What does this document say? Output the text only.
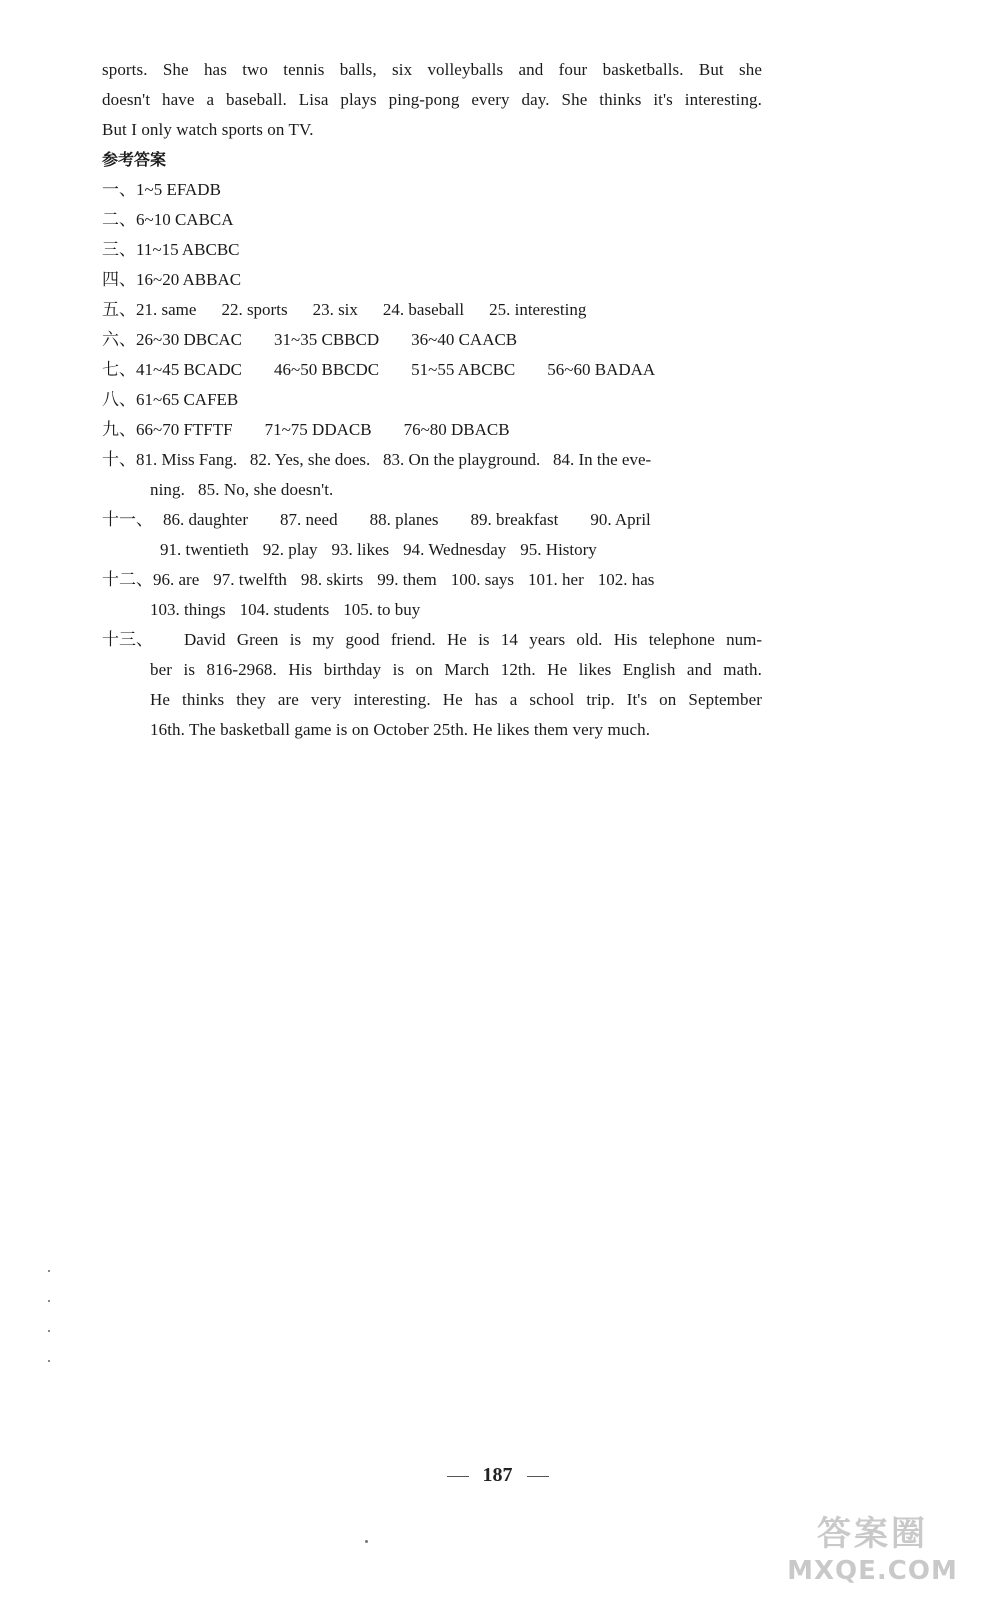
sports. She has two tennis balls, six volleyballs and four basketballs. But she
doesn't have a baseball. Lisa plays ping-pong every day. She thinks it's interesting.
But I only watch sports on TV.
参考答案
一、 1~5 EFADB
二、 6~10 CABCA
三、 11~15 ABCBC
四、 16~20 ABBAC
五、 21. same 22. sports 23. six 24. baseball 25. interesting
六、 26~30 DBCAC 31~35 CBBCD 36~40 CAACB
七、 41~45 BCADC 46~50 BBCDC 51~55 ABCBC 56~60 BADAA
八、 61~65 CAFEB
九、 66~70 FTFTF 71~75 DDACB 76~80 DBACB
十、 81. Miss Fang.   82. Yes, she does.   83. On the playground.   84. In the eve-
ning.   85. No, she doesn't.
十一、 86. daughter 87. need 88. planes 89. breakfast 90. April
91. twentieth 92. play 93. likes 94. Wednesday 95. History
十二、 96. are 97. twelfth 98. skirts 99. them 100. says 101. her 102. has
103. things 104. students 105. to buy
十三、	David Green is my good friend. He is 14 years old. His telephone num-
ber is 816-2968. His birthday is on March 12th. He likes English and math.
He thinks they are very interesting. He has a school trip. It's on September
16th. The basketball game is on October 25th. He likes them very much.
187
答案圈
MXQE.COM
